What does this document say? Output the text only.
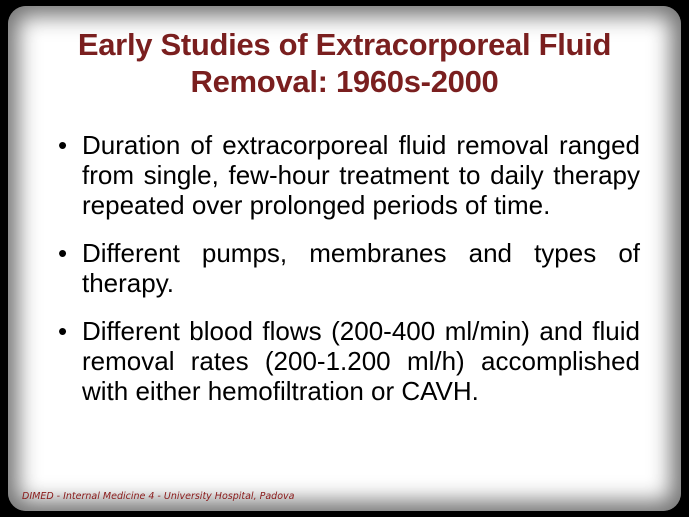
Early Studies of Extracorporeal Fluid
Removal: 1960s-2000
• Duration of extracorporeal fluid removal ranged from single, few-hour treatment to daily therapy repeated over prolonged periods of time.
• Different pumps, membranes and types of therapy.
• Different blood flows (200-400 ml/min) and fluid removal rates (200-1.200 ml/h) accomplished with either hemofiltration or CAVH.
DIMED - Internal Medicine 4 - University Hospital, Padova
